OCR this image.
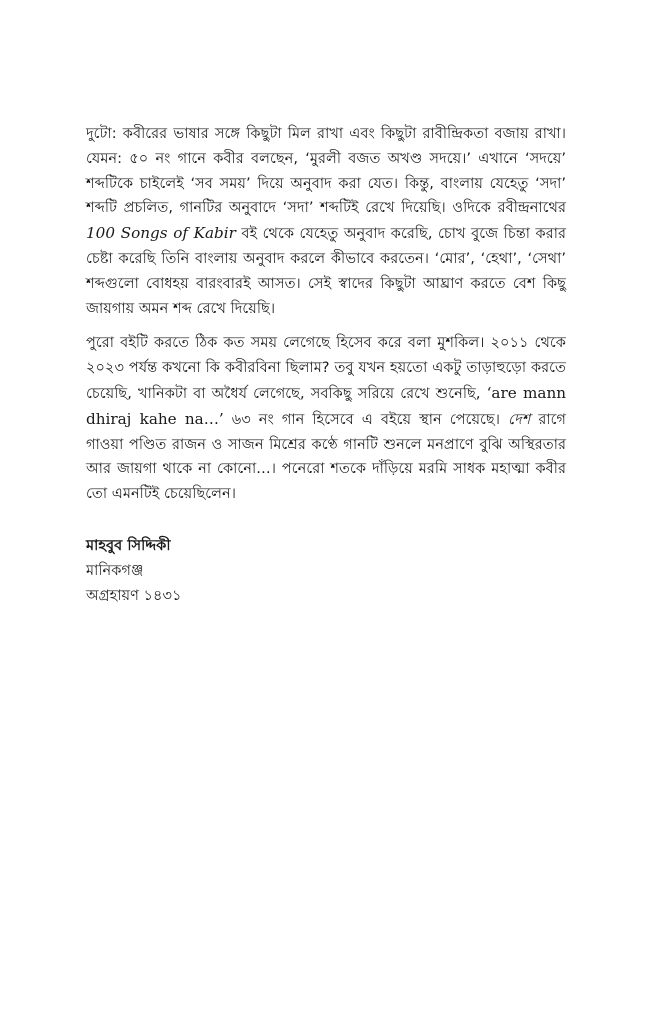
দুটো: কবীরের ভাষার সঙ্গে কিছুটা মিল রাখা এবং কিছুটা রাবীন্দ্রিকতা বজায় রাখা। যেমন: ৫০ নং গানে কবীর বলছেন, ‘মুরলী বজত অখণ্ড সদয়ে।’ এখানে ‘সদয়ে’ শব্দটিকে চাইলেই ‘সব সময়’ দিয়ে অনুবাদ করা যেত। কিন্তু, বাংলায় যেহেতু ‘সদা’ শব্দটি প্রচলিত, গানটির অনুবাদে ‘সদা’ শব্দটিই রেখে দিয়েছি। ওদিকে রবীন্দ্রনাথের 100 Songs of Kabir বই থেকে যেহেতু অনুবাদ করেছি, চোখ বুজে চিন্তা করার চেষ্টা করেছি তিনি বাংলায় অনুবাদ করলে কীভাবে করতেন। ‘মোর’, ‘হেথা’, ‘সেথা’ শব্দগুলো বোধহয় বারংবারই আসত। সেই স্বাদের কিছুটা আঘ্রাণ করতে বেশ কিছু জায়গায় অমন শব্দ রেখে দিয়েছি।

পুরো বইটি করতে ঠিক কত সময় লেগেছে হিসেব করে বলা মুশকিল। ২০১১ থেকে ২০২৩ পর্যন্ত কখনো কি কবীরবিনা ছিলাম? তবু যখন হয়তো একটু তাড়াহুড়ো করতে চেয়েছি, খানিকটা বা অধৈর্য লেগেছে, সবকিছু সরিয়ে রেখে শুনেছি, ‘are mann dhiraj kahe na…’ ৬৩ নং গান হিসেবে এ বইয়ে স্থান পেয়েছে। দেশ রাগে গাওয়া পণ্ডিত রাজন ও সাজন মিশ্রের কণ্ঠে গানটি শুনলে মনপ্রাণে বুঝি অস্থিরতার আর জায়গা থাকে না কোনো…। পনেরো শতকে দাঁড়িয়ে মরমি সাধক মহাত্মা কবীর তো এমনটিই চেয়েছিলেন।

মাহবুব সিদ্দিকী
মানিকগঞ্জ
অগ্রহায়ণ ১৪৩১
